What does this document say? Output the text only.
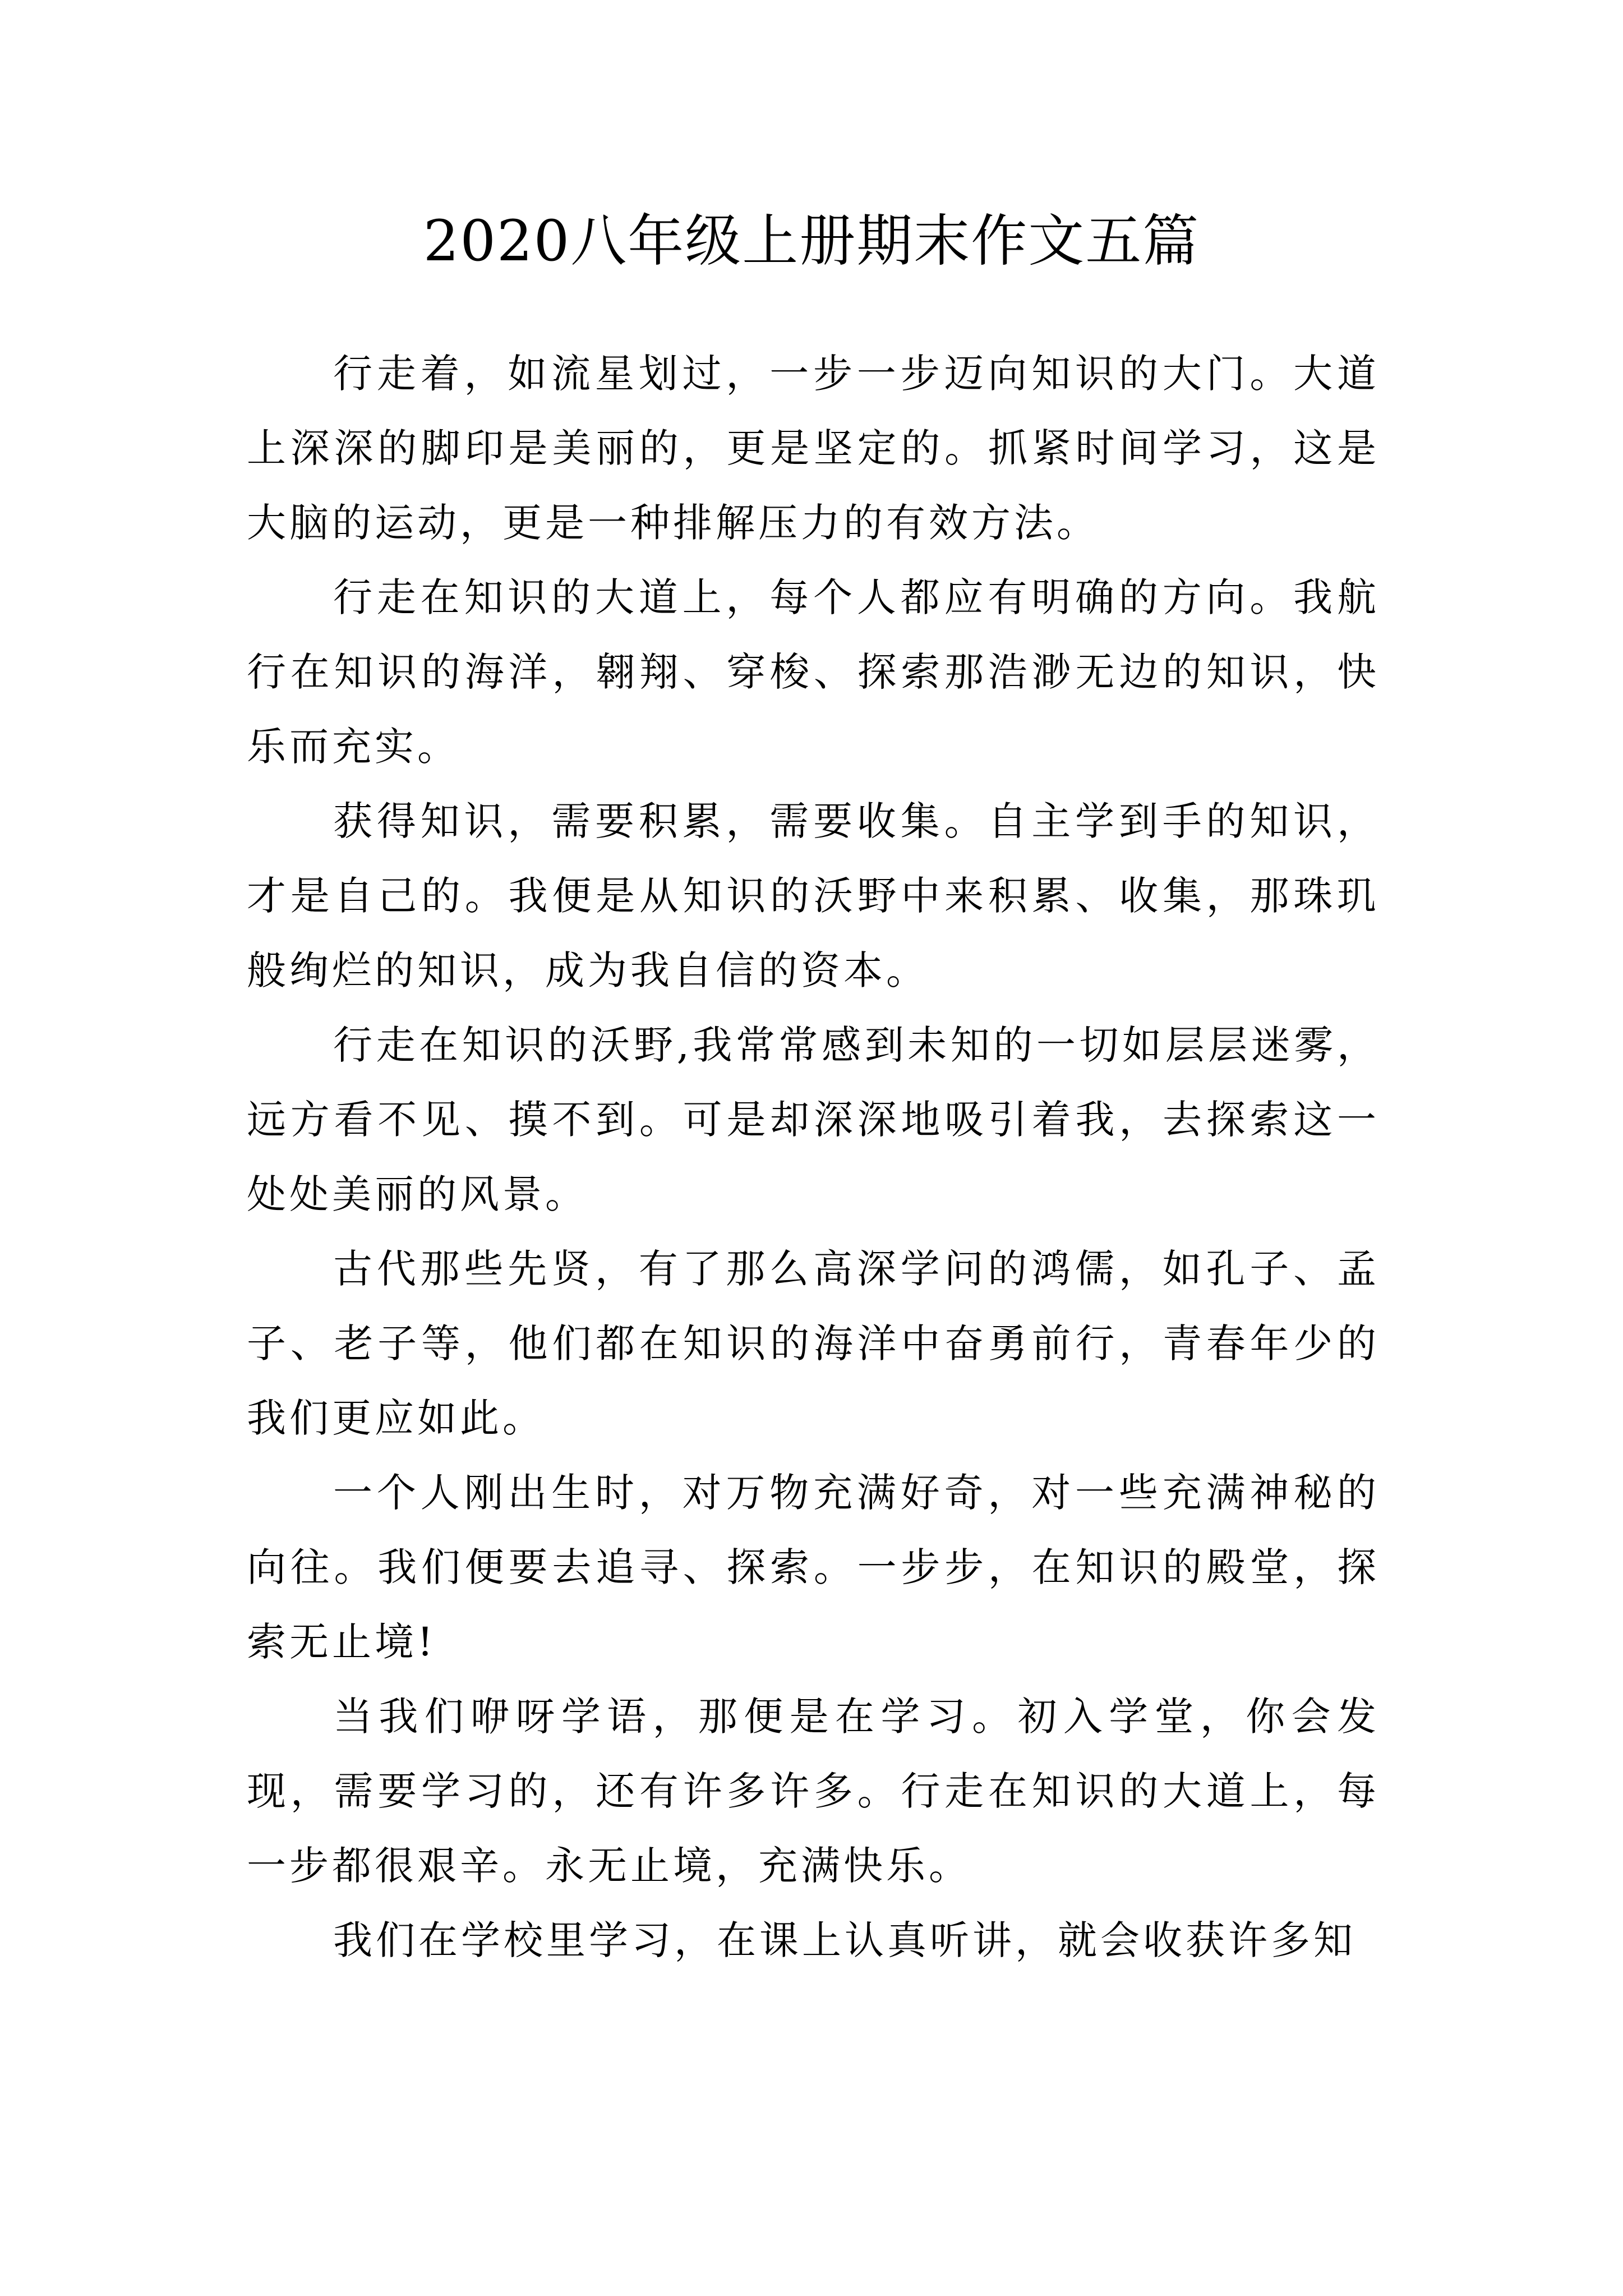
2020八年级上册期末作文五篇

行走着，如流星划过，一步一步迈向知识的大门。大道上深深的脚印是美丽的，更是坚定的。抓紧时间学习，这是大脑的运动，更是一种排解压力的有效方法。

行走在知识的大道上，每个人都应有明确的方向。我航行在知识的海洋，翱翔、穿梭、探索那浩渺无边的知识，快乐而充实。

获得知识，需要积累，需要收集。自主学到手的知识，才是自己的。我便是从知识的沃野中来积累、收集，那珠玑般绚烂的知识，成为我自信的资本。

行走在知识的沃野,我常常感到未知的一切如层层迷雾，远方看不见、摸不到。可是却深深地吸引着我，去探索这一处处美丽的风景。

古代那些先贤，有了那么高深学问的鸿儒，如孔子、孟子、老子等，他们都在知识的海洋中奋勇前行，青春年少的我们更应如此。

一个人刚出生时，对万物充满好奇，对一些充满神秘的向往。我们便要去追寻、探索。一步步，在知识的殿堂，探索无止境!

当我们咿呀学语，那便是在学习。初入学堂，你会发现，需要学习的，还有许多许多。行走在知识的大道上，每一步都很艰辛。永无止境，充满快乐。

我们在学校里学习，在课上认真听讲，就会收获许多知
